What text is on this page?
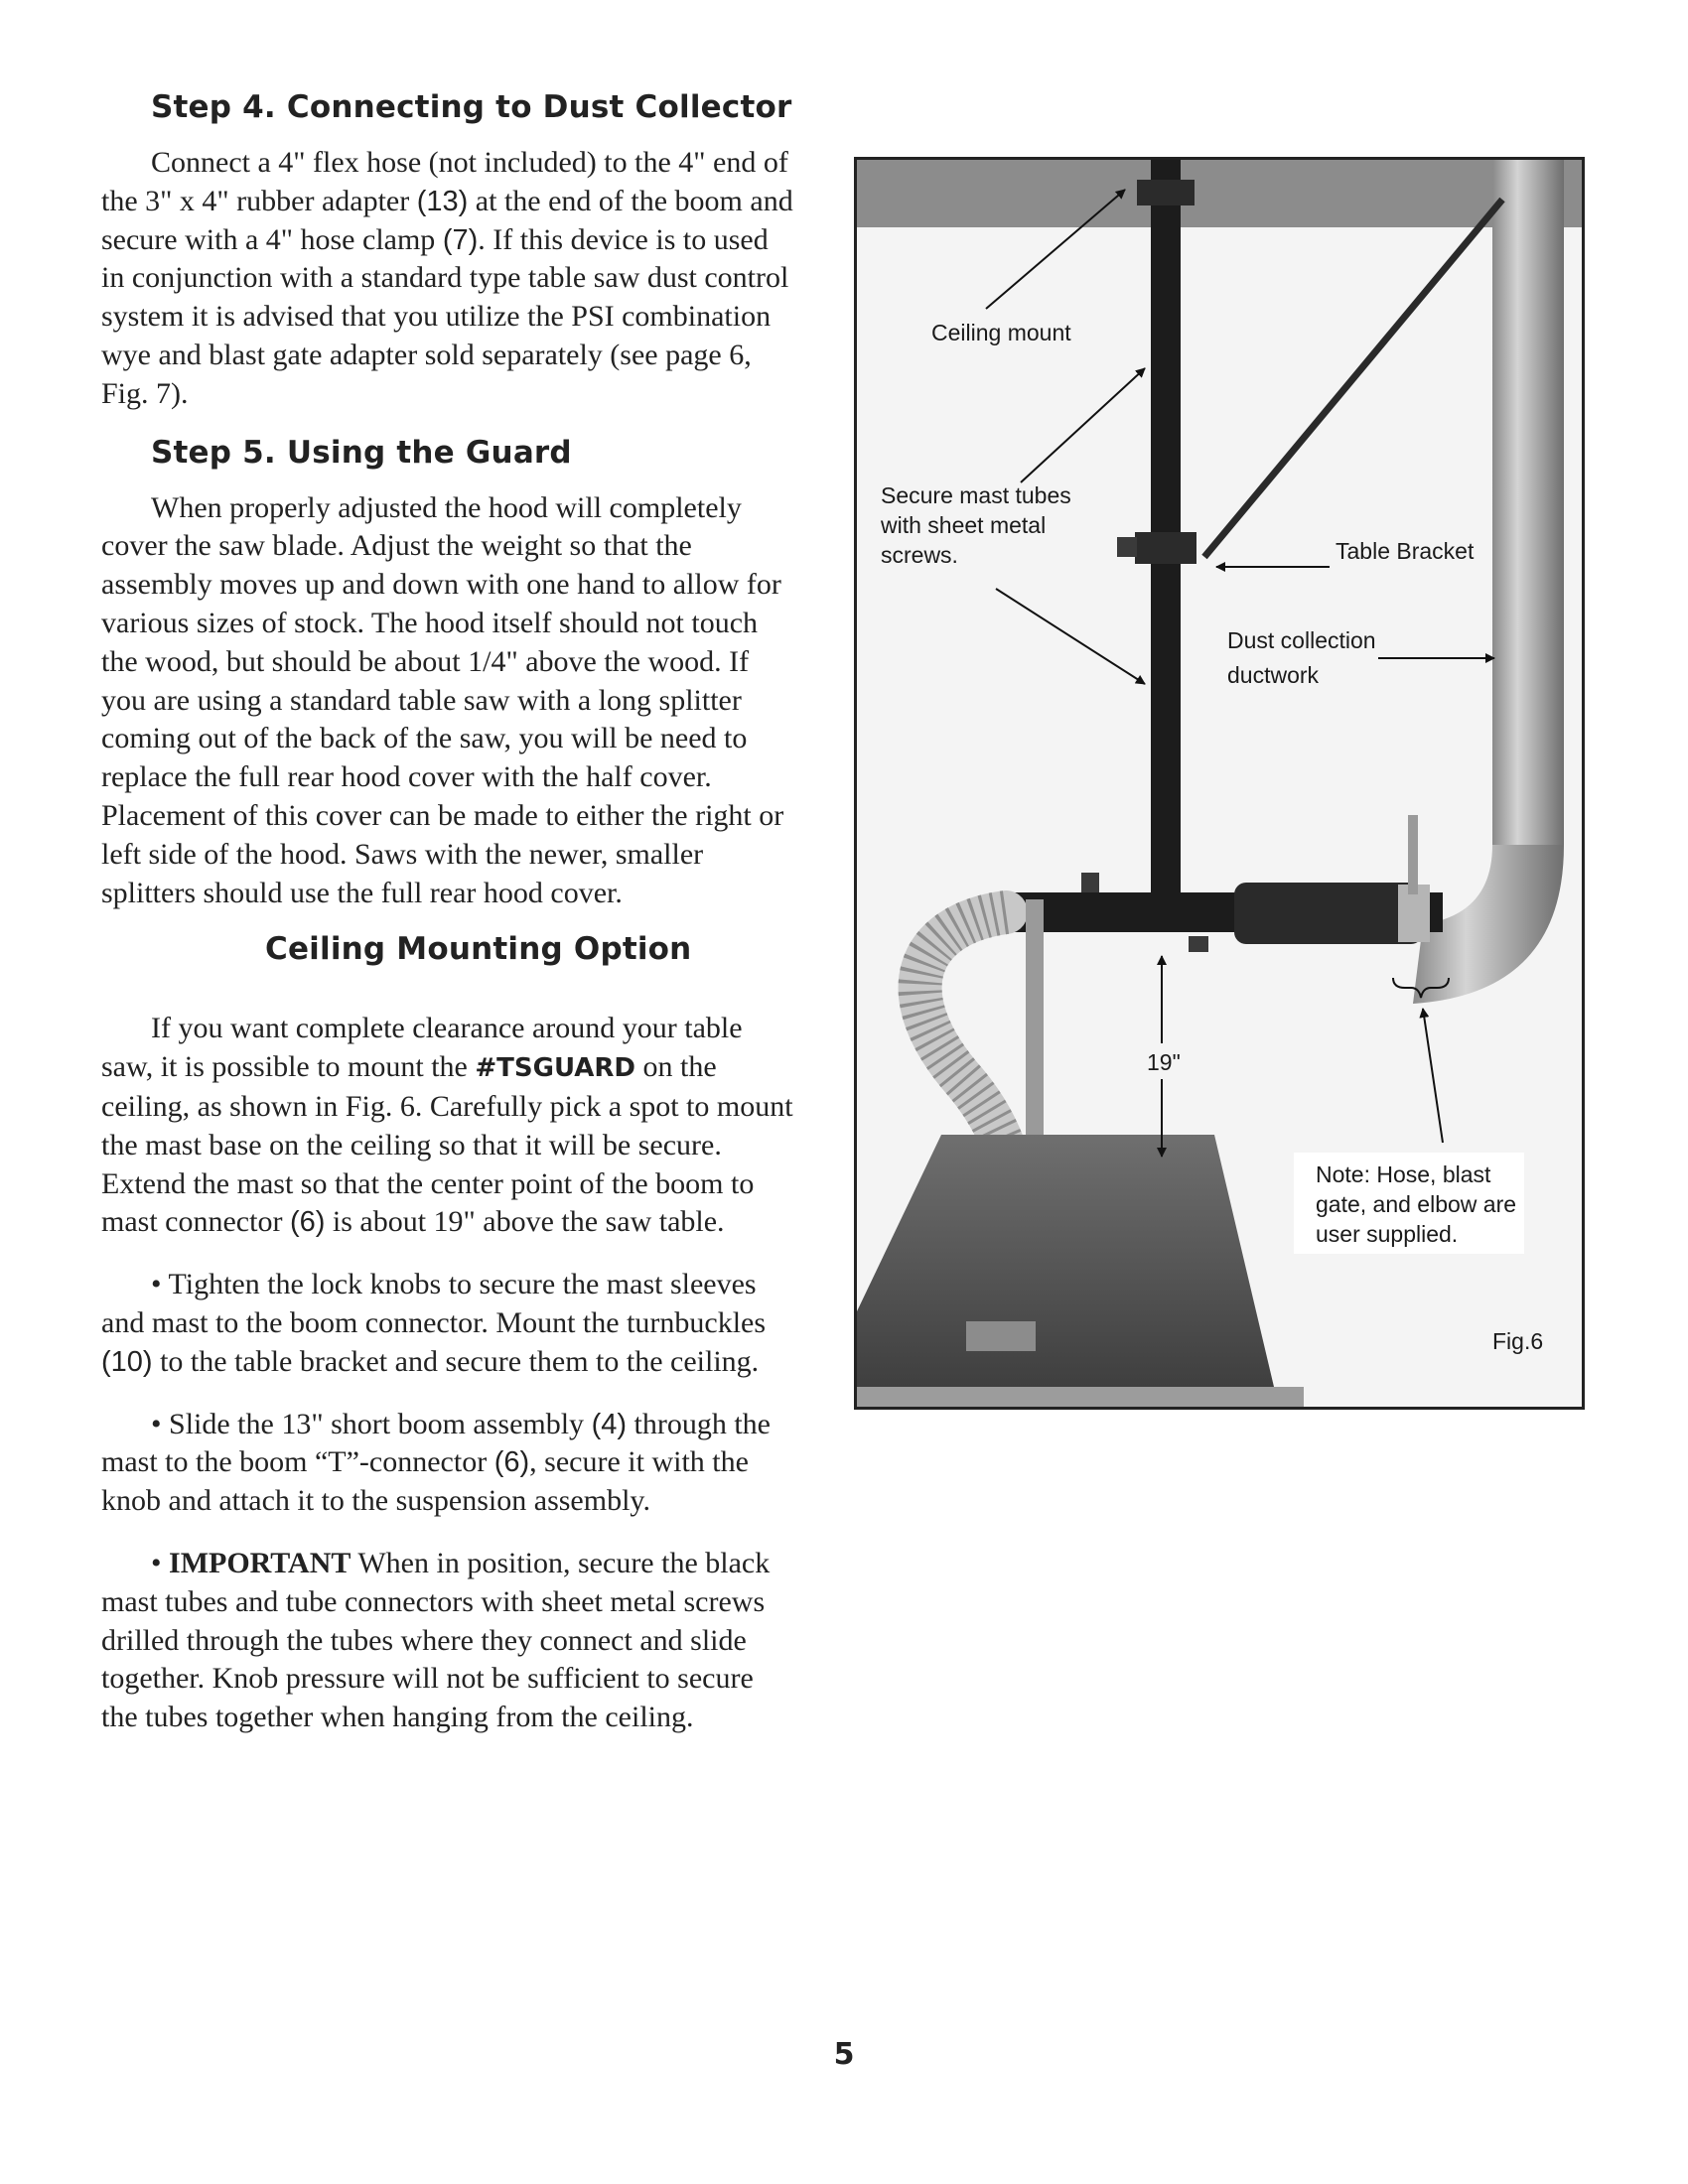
Step 4. Connecting to Dust Collector

Connect a 4" flex hose (not included) to the 4" end of the 3" x 4" rubber adapter (13) at the end of the boom and secure with a 4" hose clamp (7). If this device is to used in conjunction with a standard type table saw dust control system it is advised that you utilize the PSI combination wye and blast gate adapter sold separately (see page 6, Fig. 7).

Step 5. Using the Guard

When properly adjusted the hood will completely cover the saw blade. Adjust the weight so that the assembly moves up and down with one hand to allow for various sizes of stock. The hood itself should not touch the wood, but should be about 1/4" above the wood. If you are using a standard table saw with a long splitter coming out of the back of the saw, you will be need to replace the full rear hood cover with the half cover. Placement of this cover can be made to either the right or left side of the hood. Saws with the newer, smaller splitters should use the full rear hood cover.

Ceiling Mounting Option

If you want complete clearance around your table saw, it is possible to mount the #TSGUARD on the ceiling, as shown in Fig. 6. Carefully pick a spot to mount the mast base on the ceiling so that it will be secure. Extend the mast so that the center point of the boom to mast connector (6) is about 19" above the saw table.

• Tighten the lock knobs to secure the mast sleeves and mast to the boom connector. Mount the turnbuckles (10) to the table bracket and secure them to the ceiling.

• Slide the 13" short boom assembly (4) through the mast to the boom “T”-connector (6), secure it with the knob and attach it to the suspension assembly.

• IMPORTANT When in position, secure the black mast tubes and tube connectors with sheet metal screws drilled through the tubes where they connect and slide together. Knob pressure will not be sufficient to secure the tubes together when hanging from the ceiling.

Ceiling mount
Secure mast tubes
with sheet metal
screws.	Table Bracket
Dust collection
ductwork
19"
Note: Hose, blast
gate, and elbow are
user supplied.
Fig.6
5
